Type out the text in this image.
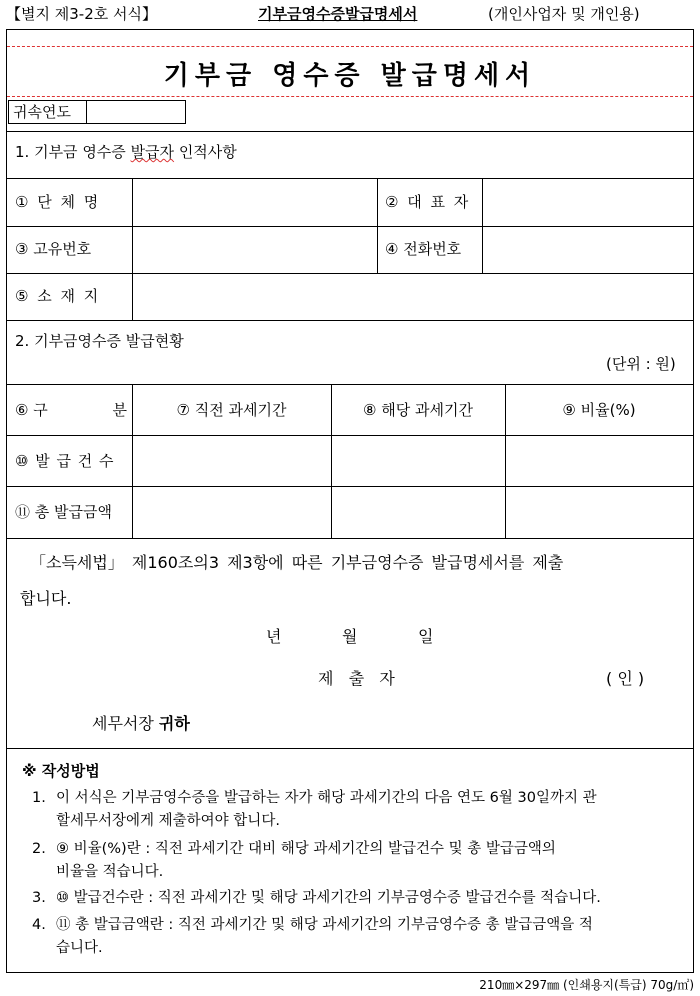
【별지 제3-2호 서식】	기부금영수증발급명세서	(개인사업자 및 개인용)
기부금 영수증 발급명세서
귀속연도
1. 기부금 영수증 발급자 인적사항
① 단 체 명	② 대 표 자
③ 고유번호	④ 전화번호
⑤ 소 재 지
2. 기부금영수증 발급현황
(단위 : 원)
⑥ 구	분	⑦ 직전 과세기간	⑧ 해당 과세기간	⑨ 비율(%)
⑩ 발 급 건 수
⑪ 총 발급금액
「소득세법」 제160조의3 제3항에 따른 기부금영수증 발급명세서를 제출
합니다.
년	월	일
제   출   자	( 인 )
세무서장 귀하
※ 작성방법
1. 이 서식은 기부금영수증을 발급하는 자가 해당 과세기간의 다음 연도 6월 30일까지 관
할세무서장에게 제출하여야 합니다.
2. ⑨ 비율(%)란 : 직전 과세기간 대비 해당 과세기간의 발급건수 및 총 발급금액의
비율을 적습니다.
3. ⑩ 발급건수란 : 직전 과세기간 및 해당 과세기간의 기부금영수증 발급건수를 적습니다.
4. ⑪ 총 발급금액란 : 직전 과세기간 및 해당 과세기간의 기부금영수증 총 발급금액을 적
습니다.
210㎜×297㎜ (인쇄용지(특급) 70g/㎡)
